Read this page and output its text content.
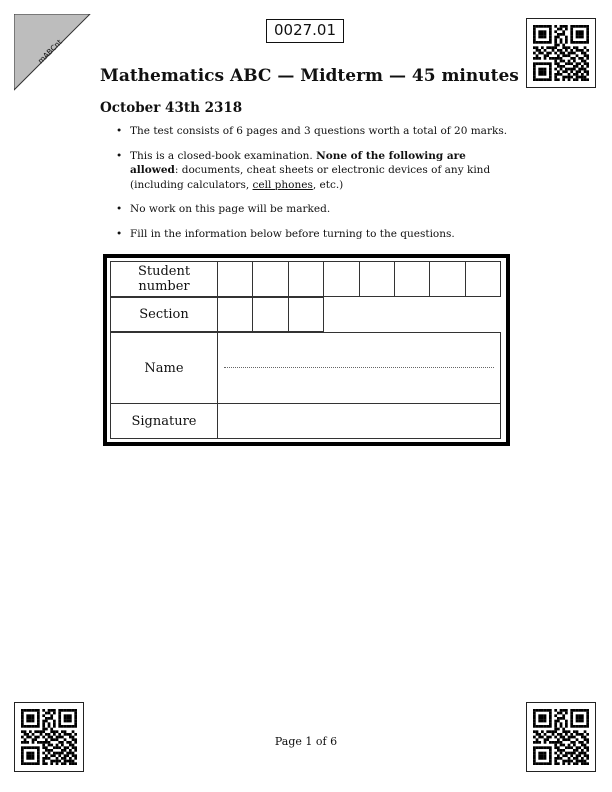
mABCnt
0027.01
Mathematics ABC — Midterm — 45 minutes
October 43th 2318
• The test consists of 6 pages and 3 questions worth a total of 20 marks.
• This is a closed-book examination. None of the following are allowed: documents, cheat sheets or electronic devices of any kind (including calculators, cell phones, etc.)
• No work on this page will be marked.
• Fill in the information below before turning to the questions.
Student number
Section
Name
Signature
Page 1 of 6
